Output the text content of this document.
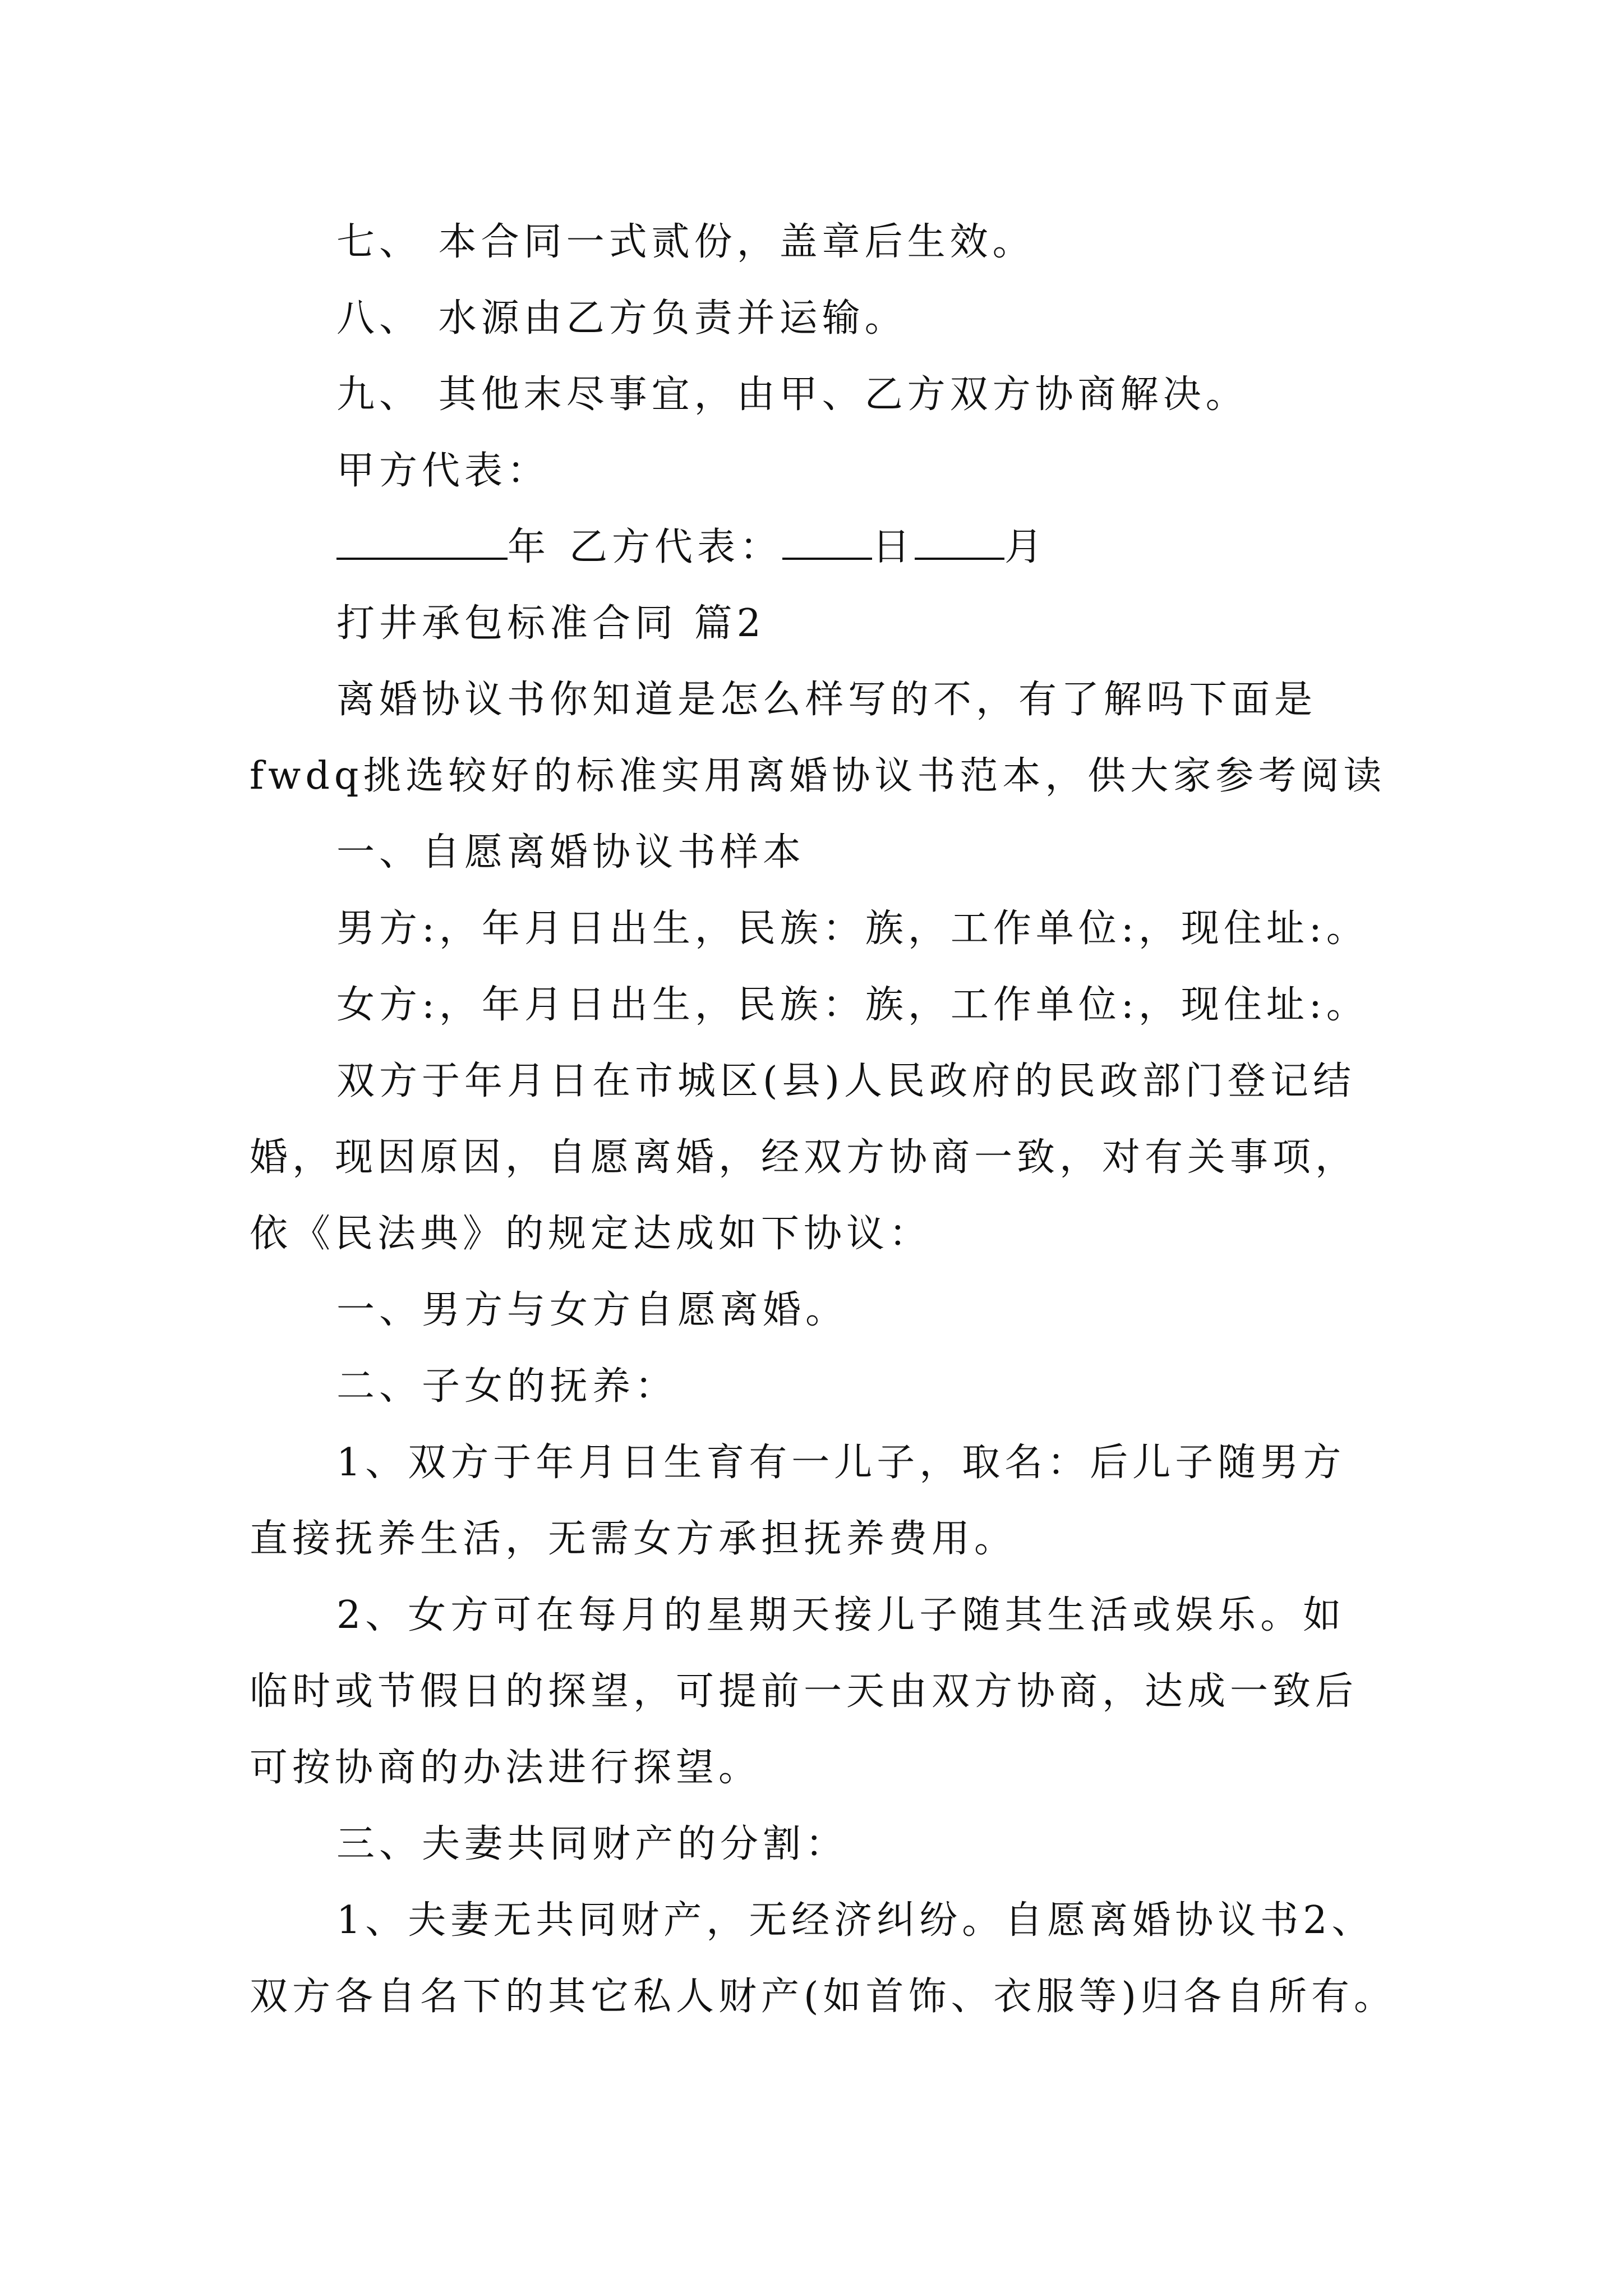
七、 本合同一式贰份，盖章后生效。
八、 水源由乙方负责并运输。
九、 其他末尽事宜，由甲、乙方双方协商解决。
甲方代表：
年 乙方代表： 日 月
打井承包标准合同 篇2
离婚协议书你知道是怎么样写的不，有了解吗下面是
fwdq挑选较好的标准实用离婚协议书范本，供大家参考阅读
一、自愿离婚协议书样本
男方:，年月日出生，民族：族，工作单位:，现住址:。
女方:，年月日出生，民族：族，工作单位:，现住址:。
双方于年月日在市城区(县)人民政府的民政部门登记结
婚，现因原因，自愿离婚，经双方协商一致，对有关事项，
依《民法典》的规定达成如下协议：
一、男方与女方自愿离婚。
二、子女的抚养：
1、双方于年月日生育有一儿子，取名：后儿子随男方
直接抚养生活，无需女方承担抚养费用。
2、女方可在每月的星期天接儿子随其生活或娱乐。如
临时或节假日的探望，可提前一天由双方协商，达成一致后
可按协商的办法进行探望。
三、夫妻共同财产的分割：
1、夫妻无共同财产，无经济纠纷。自愿离婚协议书2、
双方各自名下的其它私人财产(如首饰、衣服等)归各自所有。
